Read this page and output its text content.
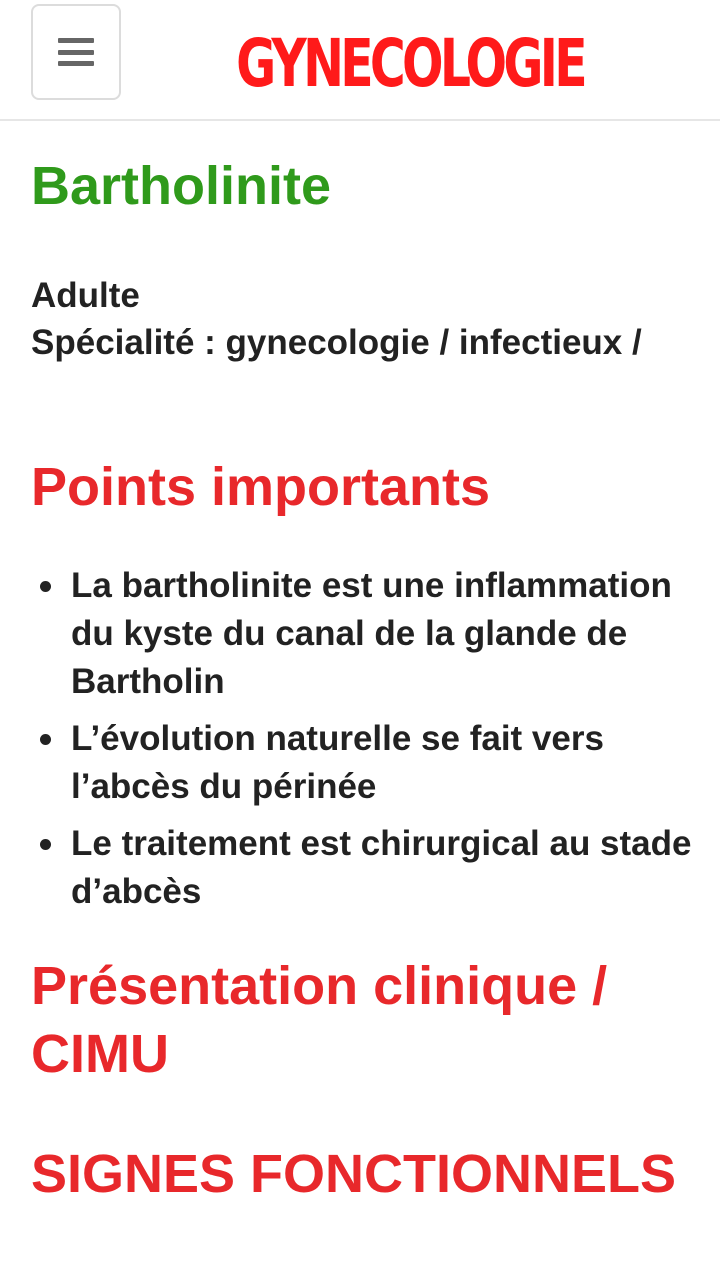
GYNECOLOGIE
Bartholinite
Adulte
Spécialité : gynecologie / infectieux /
Points importants
La bartholinite est une inflammation du kyste du canal de la glande de Bartholin
L’évolution naturelle se fait vers l’abcès du périnée
Le traitement est chirurgical au stade d’abcès
Présentation clinique / CIMU
SIGNES FONCTIONNELS
